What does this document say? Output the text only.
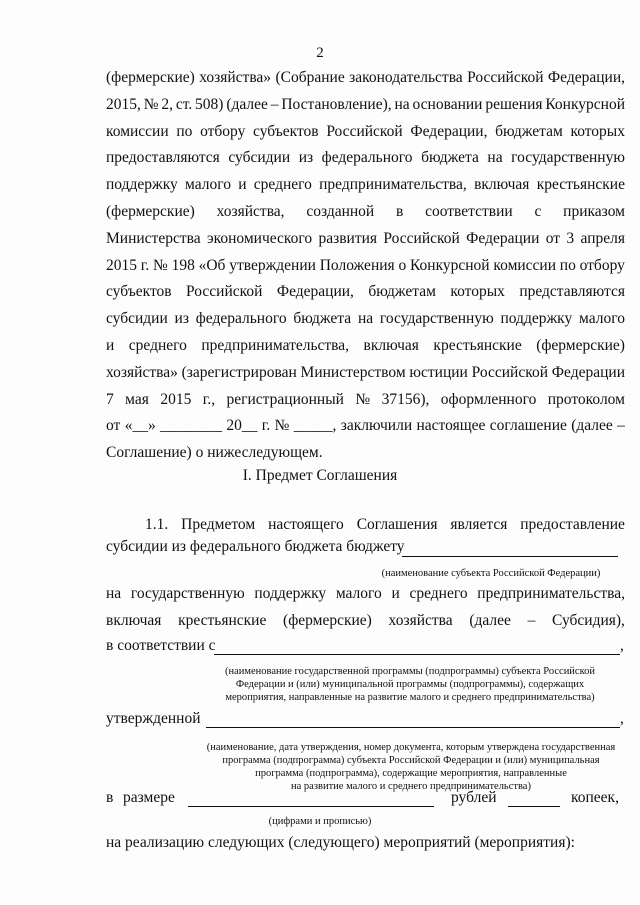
2
(фермерские) хозяйства» (Собрание законодательства Российской Федерации,
2015, № 2, ст. 508) (далее – Постановление), на основании решения Конкурсной
комиссии по отбору субъектов Российской Федерации, бюджетам которых
предоставляются субсидии из федерального бюджета на государственную
поддержку малого и среднего предпринимательства, включая крестьянские
(фермерские) хозяйства, созданной в соответствии с приказом
Министерства экономического развития Российской Федерации от 3 апреля
2015 г. № 198 «Об утверждении Положения о Конкурсной комиссии по отбору
субъектов Российской Федерации, бюджетам которых представляются
субсидии из федерального бюджета на государственную поддержку малого
и среднего предпринимательства, включая крестьянские (фермерские)
хозяйства» (зарегистрирован Министерством юстиции Российской Федерации
7 мая 2015 г., регистрационный № 37156), оформленного протоколом
от «__» ________ 20__ г. № _____, заключили настоящее соглашение (далее –
Соглашение) о нижеследующем.
I. Предмет Соглашения
1.1. Предметом настоящего Соглашения является предоставление
субсидии из федерального бюджета бюджету
(наименование субъекта Российской Федерации)
на государственную поддержку малого и среднего предпринимательства,
включая крестьянские (фермерские) хозяйства (далее – Субсидия),
в соответствии с	,
(наименование государственной программы (подпрограммы) субъекта Российской
Федерации и (или) муниципальной программы (подпрограммы), содержащих
мероприятия, направленные на развитие малого и среднего предпринимательства)
утвержденной	,
(наименование, дата утверждения, номер документа, которым утверждена государственная
программа (подпрограмма) субъекта Российской Федерации и (или) муниципальная
программа (подпрограмма), содержащие мероприятия, направленные
на развитие малого и среднего предпринимательства)
в размере	рублей	копеек,
(цифрами и прописью)
на реализацию следующих (следующего) мероприятий (мероприятия):
